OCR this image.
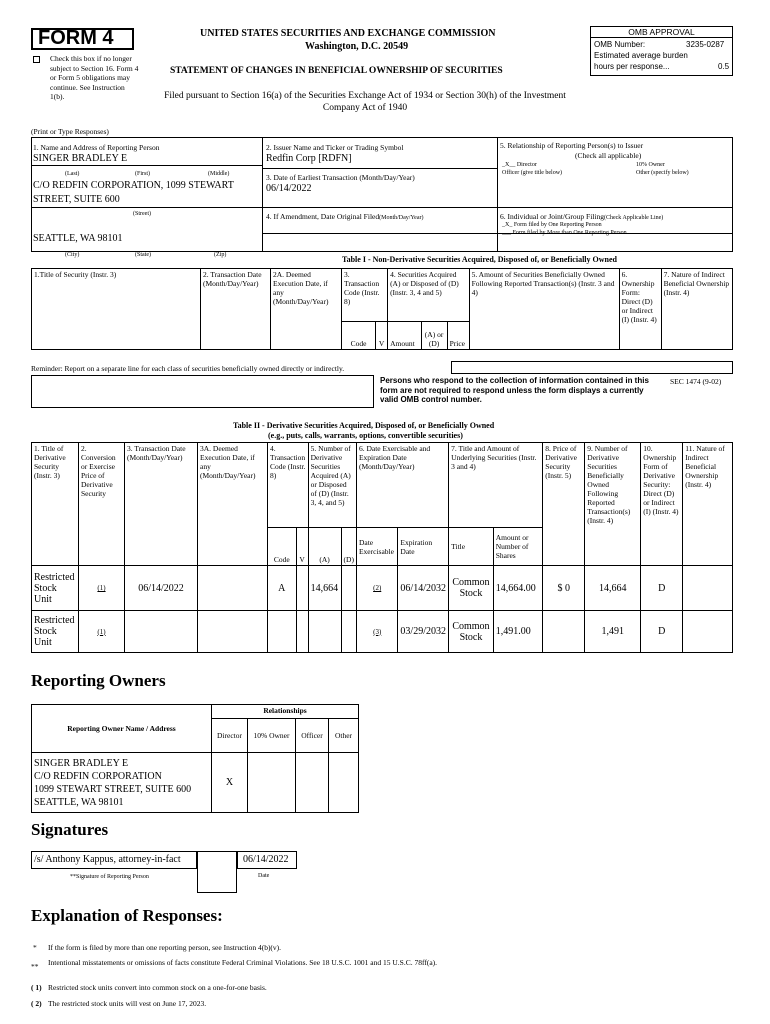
FORM 4
Check this box if no longer subject to Section 16. Form 4 or Form 5 obligations may continue. See Instruction 1(b).
UNITED STATES SECURITIES AND EXCHANGE COMMISSION
Washington, D.C. 20549
STATEMENT OF CHANGES IN BENEFICIAL OWNERSHIP OF SECURITIES
Filed pursuant to Section 16(a) of the Securities Exchange Act of 1934 or Section 30(h) of the Investment Company Act of 1940
OMB APPROVAL
OMB Number:	3235-0287
Estimated average burden
hours per response...	0.5
(Print or Type Responses)
1. Name and Address of Reporting Person
SINGER BRADLEY E
(Last)	(First)	(Middle)
C/O REDFIN CORPORATION, 1099 STEWART
STREET, SUITE 600
(Street)
SEATTLE, WA 98101
(City)	(State)	(Zip)
2. Issuer Name and Ticker or Trading Symbol
Redfin Corp [RDFN]
3. Date of Earliest Transaction (Month/Day/Year)
06/14/2022
4. If Amendment, Date Original Filed(Month/Day/Year)
5. Relationship of Reporting Person(s) to Issuer
(Check all applicable)
_X__ Director	10% Owner
Officer (give title below)	Other (specify below)
6. Individual or Joint/Group Filing(Check Applicable Line)
_X_ Form filed by One Reporting Person
___ Form filed by More than One Reporting Person
Table I - Non-Derivative Securities Acquired, Disposed of, or Beneficially Owned
1.Title of Security (Instr. 3)	2. Transaction Date (Month/Day/Year)	2A. Deemed Execution Date, if any (Month/Day/Year)	3. Transaction Code (Instr. 8)		4. Securities Acquired (A) or Disposed of (D) (Instr. 3, 4 and 5)			5. Amount of Securities Beneficially Owned Following Reported Transaction(s) (Instr. 3 and 4)	6. Ownership Form: Direct (D) or Indirect (I) (Instr. 4)	7. Nature of Indirect Beneficial Ownership (Instr. 4)
			Code	V	Amount	(A) or (D)	Price			
Reminder: Report on a separate line for each class of securities beneficially owned directly or indirectly.
Persons who respond to the collection of information contained in this form are not required to respond unless the form displays a currently valid OMB control number.
SEC 1474 (9-02)
Table II - Derivative Securities Acquired, Disposed of, or Beneficially Owned
(e.g., puts, calls, warrants, options, convertible securities)
1. Title of Derivative Security (Instr. 3)	2. Conversion or Exercise Price of Derivative Security	3. Transaction Date (Month/Day/Year)	3A. Deemed Execution Date, if any (Month/Day/Year)	4. Transaction Code (Instr. 8)		5. Number of Derivative Securities Acquired (A) or Disposed of (D) (Instr. 3, 4, and 5)		6. Date Exercisable and Expiration Date (Month/Day/Year)		7. Title and Amount of Underlying Securities (Instr. 3 and 4)		8. Price of Derivative Security (Instr. 5)	9. Number of Derivative Securities Beneficially Owned Following Reported Transaction(s) (Instr. 4)	10. Ownership Form of Derivative Security: Direct (D) or Indirect (I) (Instr. 4)	11. Nature of Indirect Beneficial Ownership (Instr. 4)
				Code	V	(A)	(D)	Date Exercisable	Expiration Date	Title	Amount or Number of Shares				
Restricted Stock Unit	(1)	06/14/2022		A		14,664		(2)	06/14/2032	Common Stock	14,664.00	$ 0	14,664	D	
Restricted Stock Unit	(1)							(3)	03/29/2032	Common Stock	1,491.00		1,491	D	
Reporting Owners
Reporting Owner Name / Address	Relationships			
	Director	10% Owner	Officer	Other

SINGER BRADLEY E
C/O REDFIN CORPORATION
1099 STEWART STREET, SUITE 600
SEATTLE, WA 98101	X			
Signatures
/s/ Anthony Kappus, attorney-in-fact	06/14/2022
**Signature of Reporting Person	Date
Explanation of Responses:
* If the form is filed by more than one reporting person, see Instruction 4(b)(v).
** Intentional misstatements or omissions of facts constitute Federal Criminal Violations. See 18 U.S.C. 1001 and 15 U.S.C. 78ff(a).
( 1) Restricted stock units convert into common stock on a one-for-one basis.
( 2) The restricted stock units will vest on June 17, 2023.
